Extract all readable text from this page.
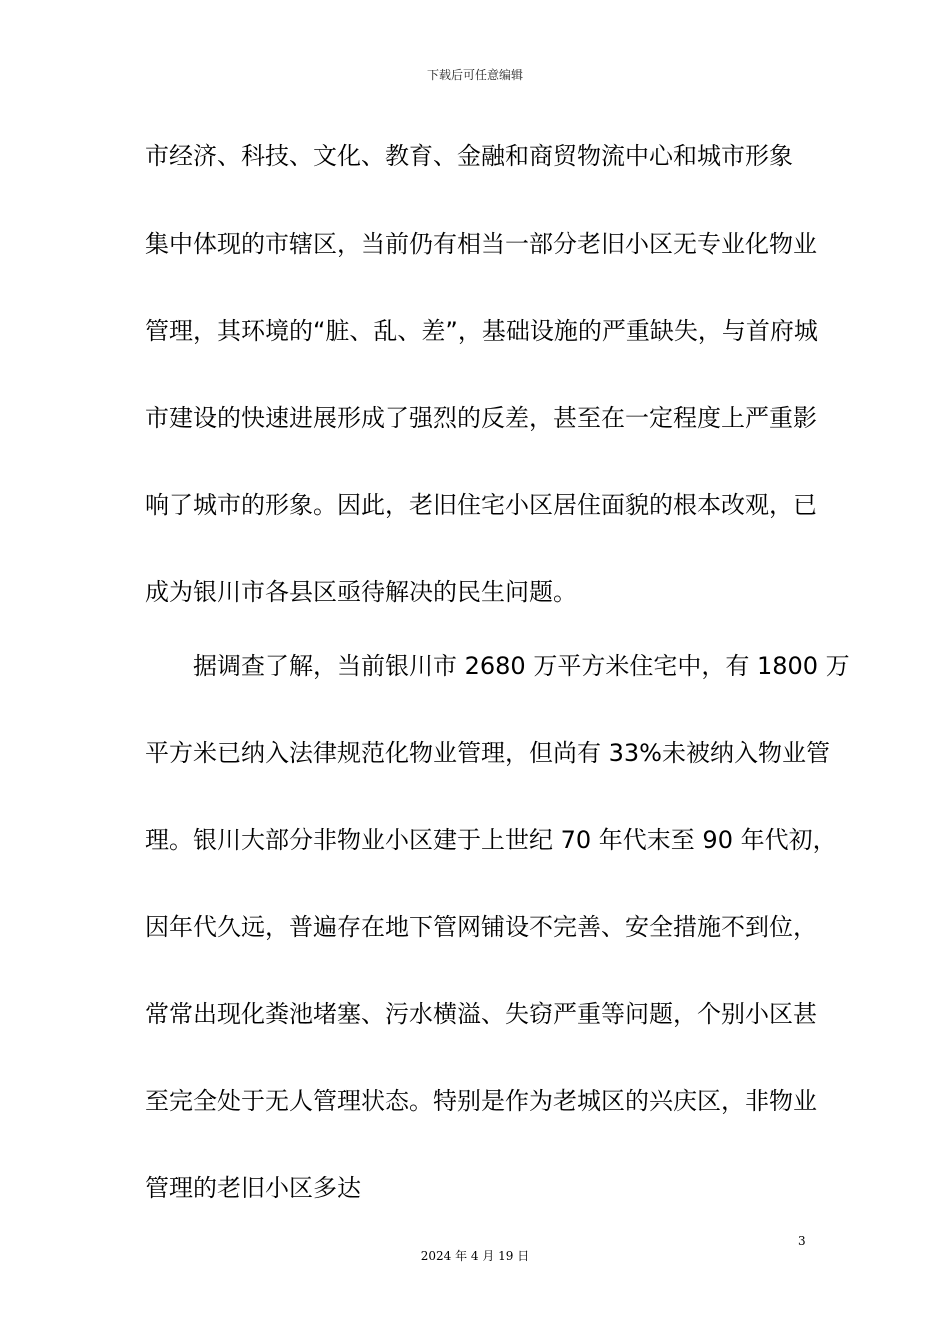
下载后可任意编辑
市经济、科技、文化、教育、金融和商贸物流中心和城市形象
集中体现的市辖区，当前仍有相当一部分老旧小区无专业化物业
管理，其环境的“脏、乱、差”，基础设施的严重缺失，与首府城
市建设的快速进展形成了强烈的反差，甚至在一定程度上严重影
响了城市的形象。因此，老旧住宅小区居住面貌的根本改观，已
成为银川市各县区亟待解决的民生问题。
　　据调查了解，当前银川市 2680 万平方米住宅中，有 1800 万
平方米已纳入法律规范化物业管理，但尚有 33%未被纳入物业管
理。银川大部分非物业小区建于上世纪 70 年代末至 90 年代初，
因年代久远，普遍存在地下管网铺设不完善、安全措施不到位，
常常出现化粪池堵塞、污水横溢、失窃严重等问题，个别小区甚
至完全处于无人管理状态。特别是作为老城区的兴庆区，非物业
管理的老旧小区多达
3
2024 年 4 月 19 日
